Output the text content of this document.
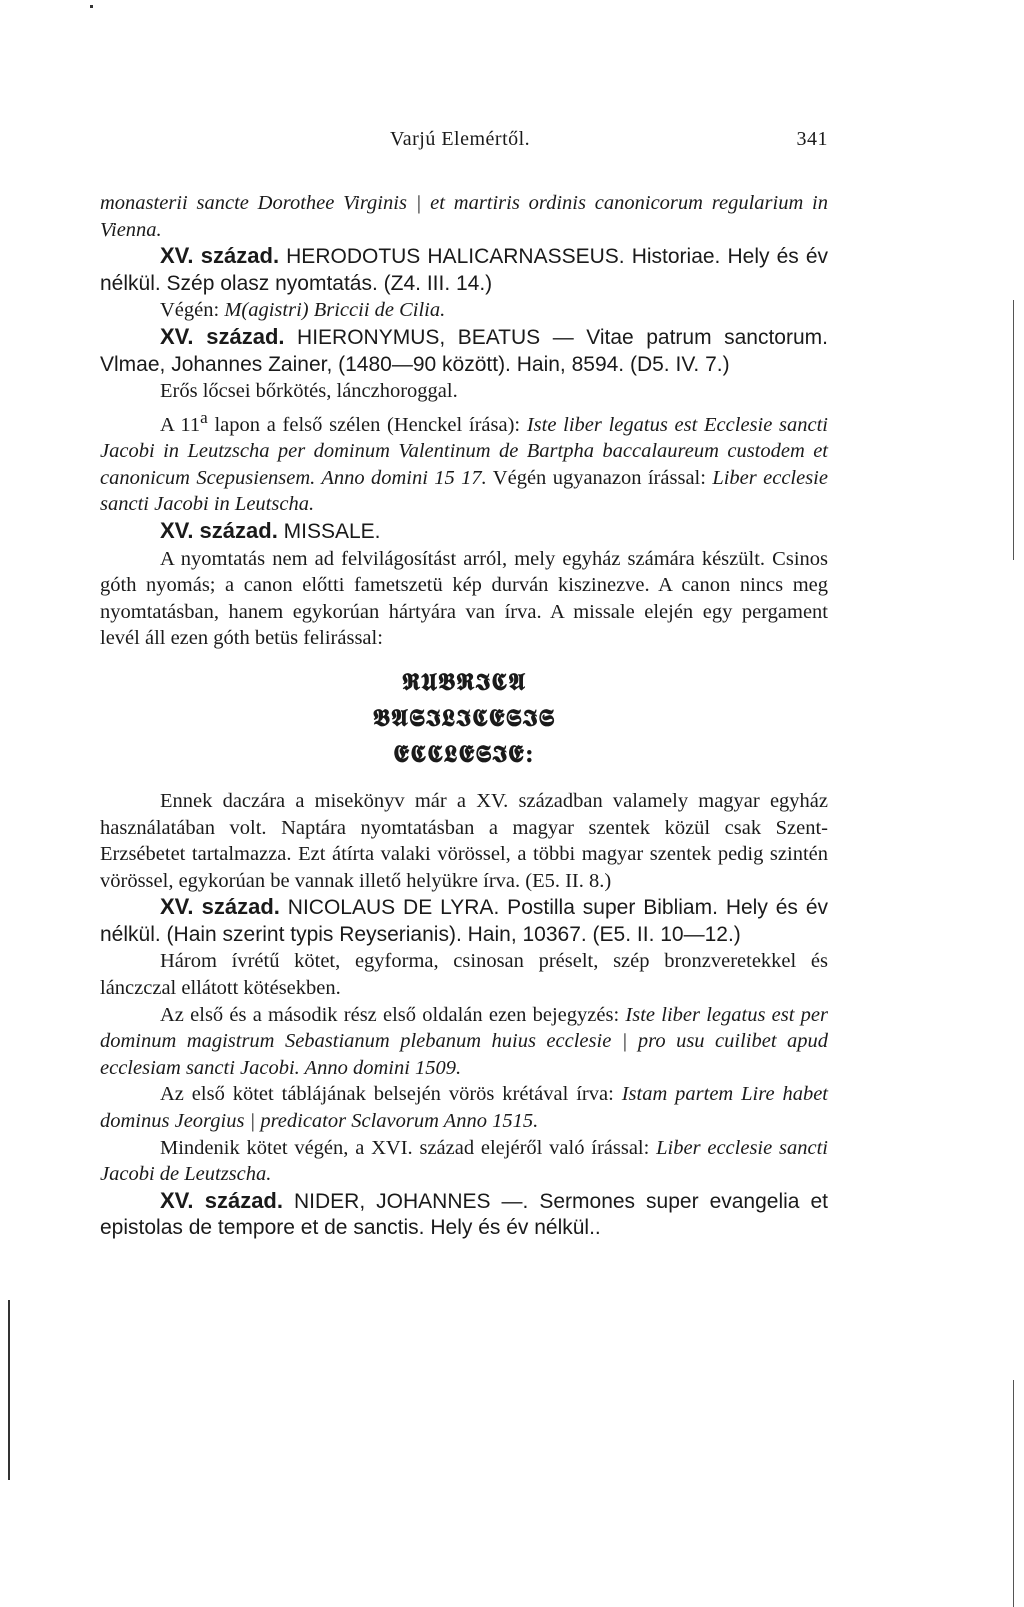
Varjú Elemértől.	341

monasterii sancte Dorothee Virginis | et martiris ordinis canonicorum regularium in Vienna.

XV. század. HERODOTUS HALICARNASSEUS. Historiae. Hely és év nélkül. Szép olasz nyomtatás. (Z4. III. 14.)

Végén: M(agistri) Briccii de Cilia.

XV. század. HIERONYMUS, BEATUS — Vitae patrum sanctorum. Vlmae, Johannes Zainer, (1480—90 között). Hain, 8594. (D5. IV. 7.)

Erős lőcsei bőrkötés, lánczhoroggal.

A 11$^a$ lapon a felső szélen (Henckel írása): Iste liber legatus est Ecclesie sancti Jacobi in Leutzscha per dominum Valentinum de Bartpha baccalaureum custodem et canonicum Scepusiensem. Anno domini 15 17. Végén ugyanazon írással: Liber ecclesie sancti Jacobi in Leutscha.

XV. század. MISSALE.

A nyomtatás nem ad felvilágosítást arról, mely egyház számára készült. Csinos góth nyomás; a canon előtti fametszetü kép durván kiszinezve. A canon nincs meg nyomtatásban, hanem egykorúan hártyára van írva. A missale elején egy pergament levél áll ezen góth betüs felirással:

𝕽𝖀𝕭𝕽𝕴𝕮𝕬
𝕭𝕬𝕾𝕴𝕷𝕴𝕮𝕰𝕾𝕴𝕾
𝕰𝕮𝕮𝕷𝕰𝕾𝕴𝕰:

Ennek daczára a misekönyv már a XV. században valamely magyar egyház használatában volt. Naptára nyomtatásban a magyar szentek közül csak Szent-Erzsébetet tartalmazza. Ezt átírta valaki vörössel, a többi magyar szentek pedig szintén vörössel, egykorúan be vannak illető helyükre írva. (E5. II. 8.)

XV. század. NICOLAUS DE LYRA. Postilla super Bibliam. Hely és év nélkül. (Hain szerint typis Reyserianis). Hain, 10367. (E5. II. 10—12.)

Három ívrétű kötet, egyforma, csinosan préselt, szép bronzveretekkel és lánczczal ellátott kötésekben.

Az első és a második rész első oldalán ezen bejegyzés: Iste liber legatus est per dominum magistrum Sebastianum plebanum huius ecclesie | pro usu cuilibet apud ecclesiam sancti Jacobi. Anno domini 1509.

Az első kötet táblájának belsején vörös krétával írva: Istam partem Lire habet dominus Jeorgius | predicator Sclavorum Anno 1515.

Mindenik kötet végén, a XVI. század elejéről való írással: Liber ecclesie sancti Jacobi de Leutzscha.

XV. század. NIDER, JOHANNES —. Sermones super evangelia et epistolas de tempore et de sanctis. Hely és év nélkül..
